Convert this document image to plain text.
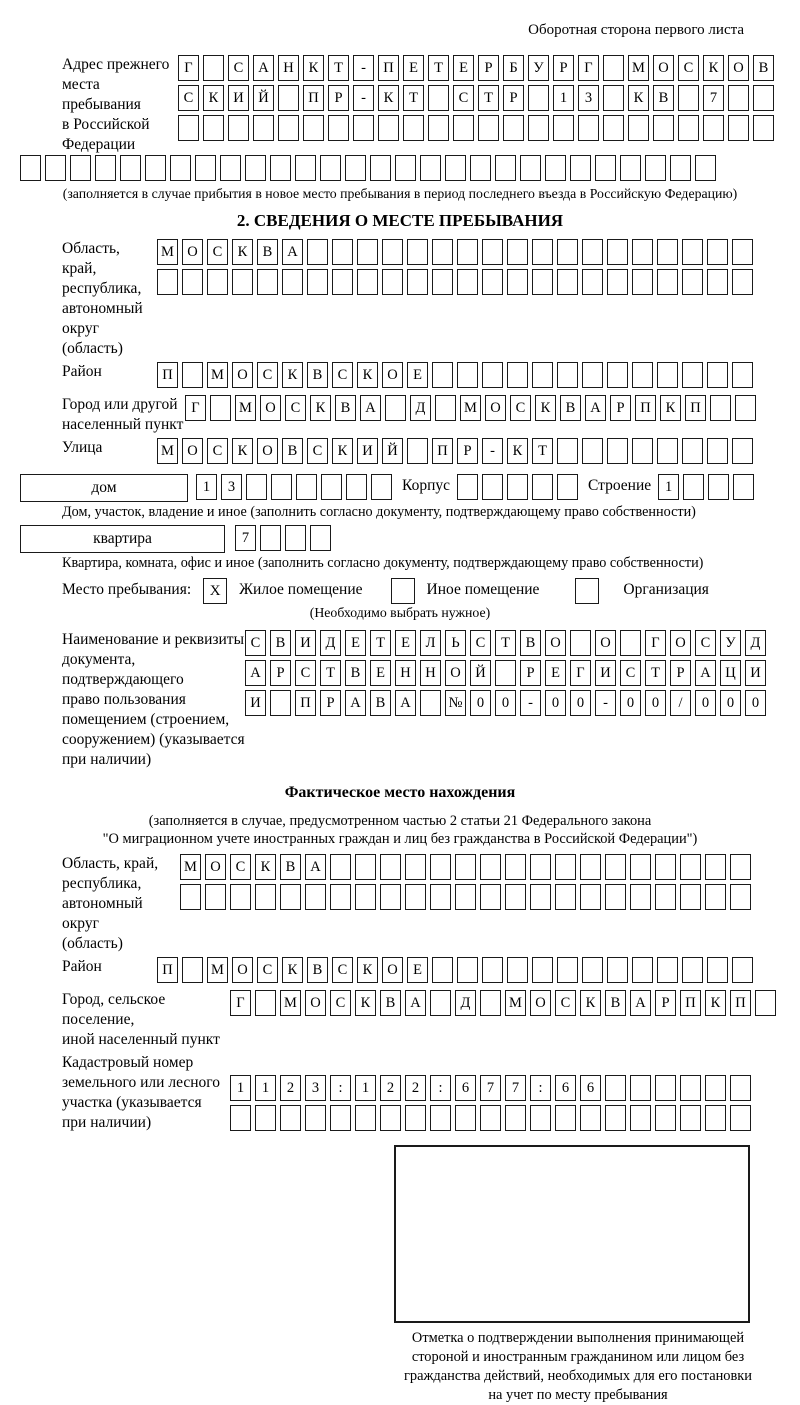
Оборотная сторона первого листа
Адрес прежнего
места пребывания
в Российской
Федерации
Г	С А Н К Т - П Е Т Е Р Б У Р Г	М О С К О В
С К И Й	П Р - К Т	С Т Р	1 3	К В	7
(заполняется в случае прибытия в новое место пребывания в период последнего въезда в Российскую Федерацию)
2. СВЕДЕНИЯ О МЕСТЕ ПРЕБЫВАНИЯ
Область, край,
республика,
автономный
округ (область)
М О С К В А
Район	П	М О С К В С К О Е
Город или другой
населенный пункт
Г	М О С К В А	Д	М О С К В А Р П К П
Улица	М О С К О В С К И Й	П Р - К Т
дом	1 3	Корпус	Строение 1
Дом, участок, владение и иное (заполнить согласно документу, подтверждающему право собственности)
квартира	7
Квартира, комната, офис и иное (заполнить согласно документу, подтверждающему право собственности)
Место пребывания: X Жилое помещение	Иное помещение	Организация
(Необходимо выбрать нужное)
Наименование и реквизиты
документа, подтверждающего
право пользования
помещением (строением,
сооружением) (указывается
при наличии)
С В И Д Е Т Е Л Ь С Т В О	О	Г О С У Д
А Р С Т В Е Н Н О Й	Р Е Г И С Т Р А Ц И
И	П Р А В А	№ 0 0 - 0 0 - 0 0 / 0 0 0
Фактическое место нахождения
(заполняется в случае, предусмотренном частью 2 статьи 21 Федерального закона
"О миграционном учете иностранных граждан и лиц без гражданства в Российской Федерации")
Область, край,
республика,
автономный округ
(область)
М О С К В А
Район	П	М О С К В С К О Е
Город, сельское поселение,
иной населенный пункт
Г	М О С К В А	Д	М О С К В А Р П К П
Кадастровый номер
земельного или лесного
участка (указывается
при наличии)
1 1 2 3 : 1 2 2 : 6 7 7 : 6 6
Отметка о подтверждении выполнения принимающей
стороной и иностранным гражданином или лицом без
гражданства действий, необходимых для его постановки
на учет по месту пребывания
